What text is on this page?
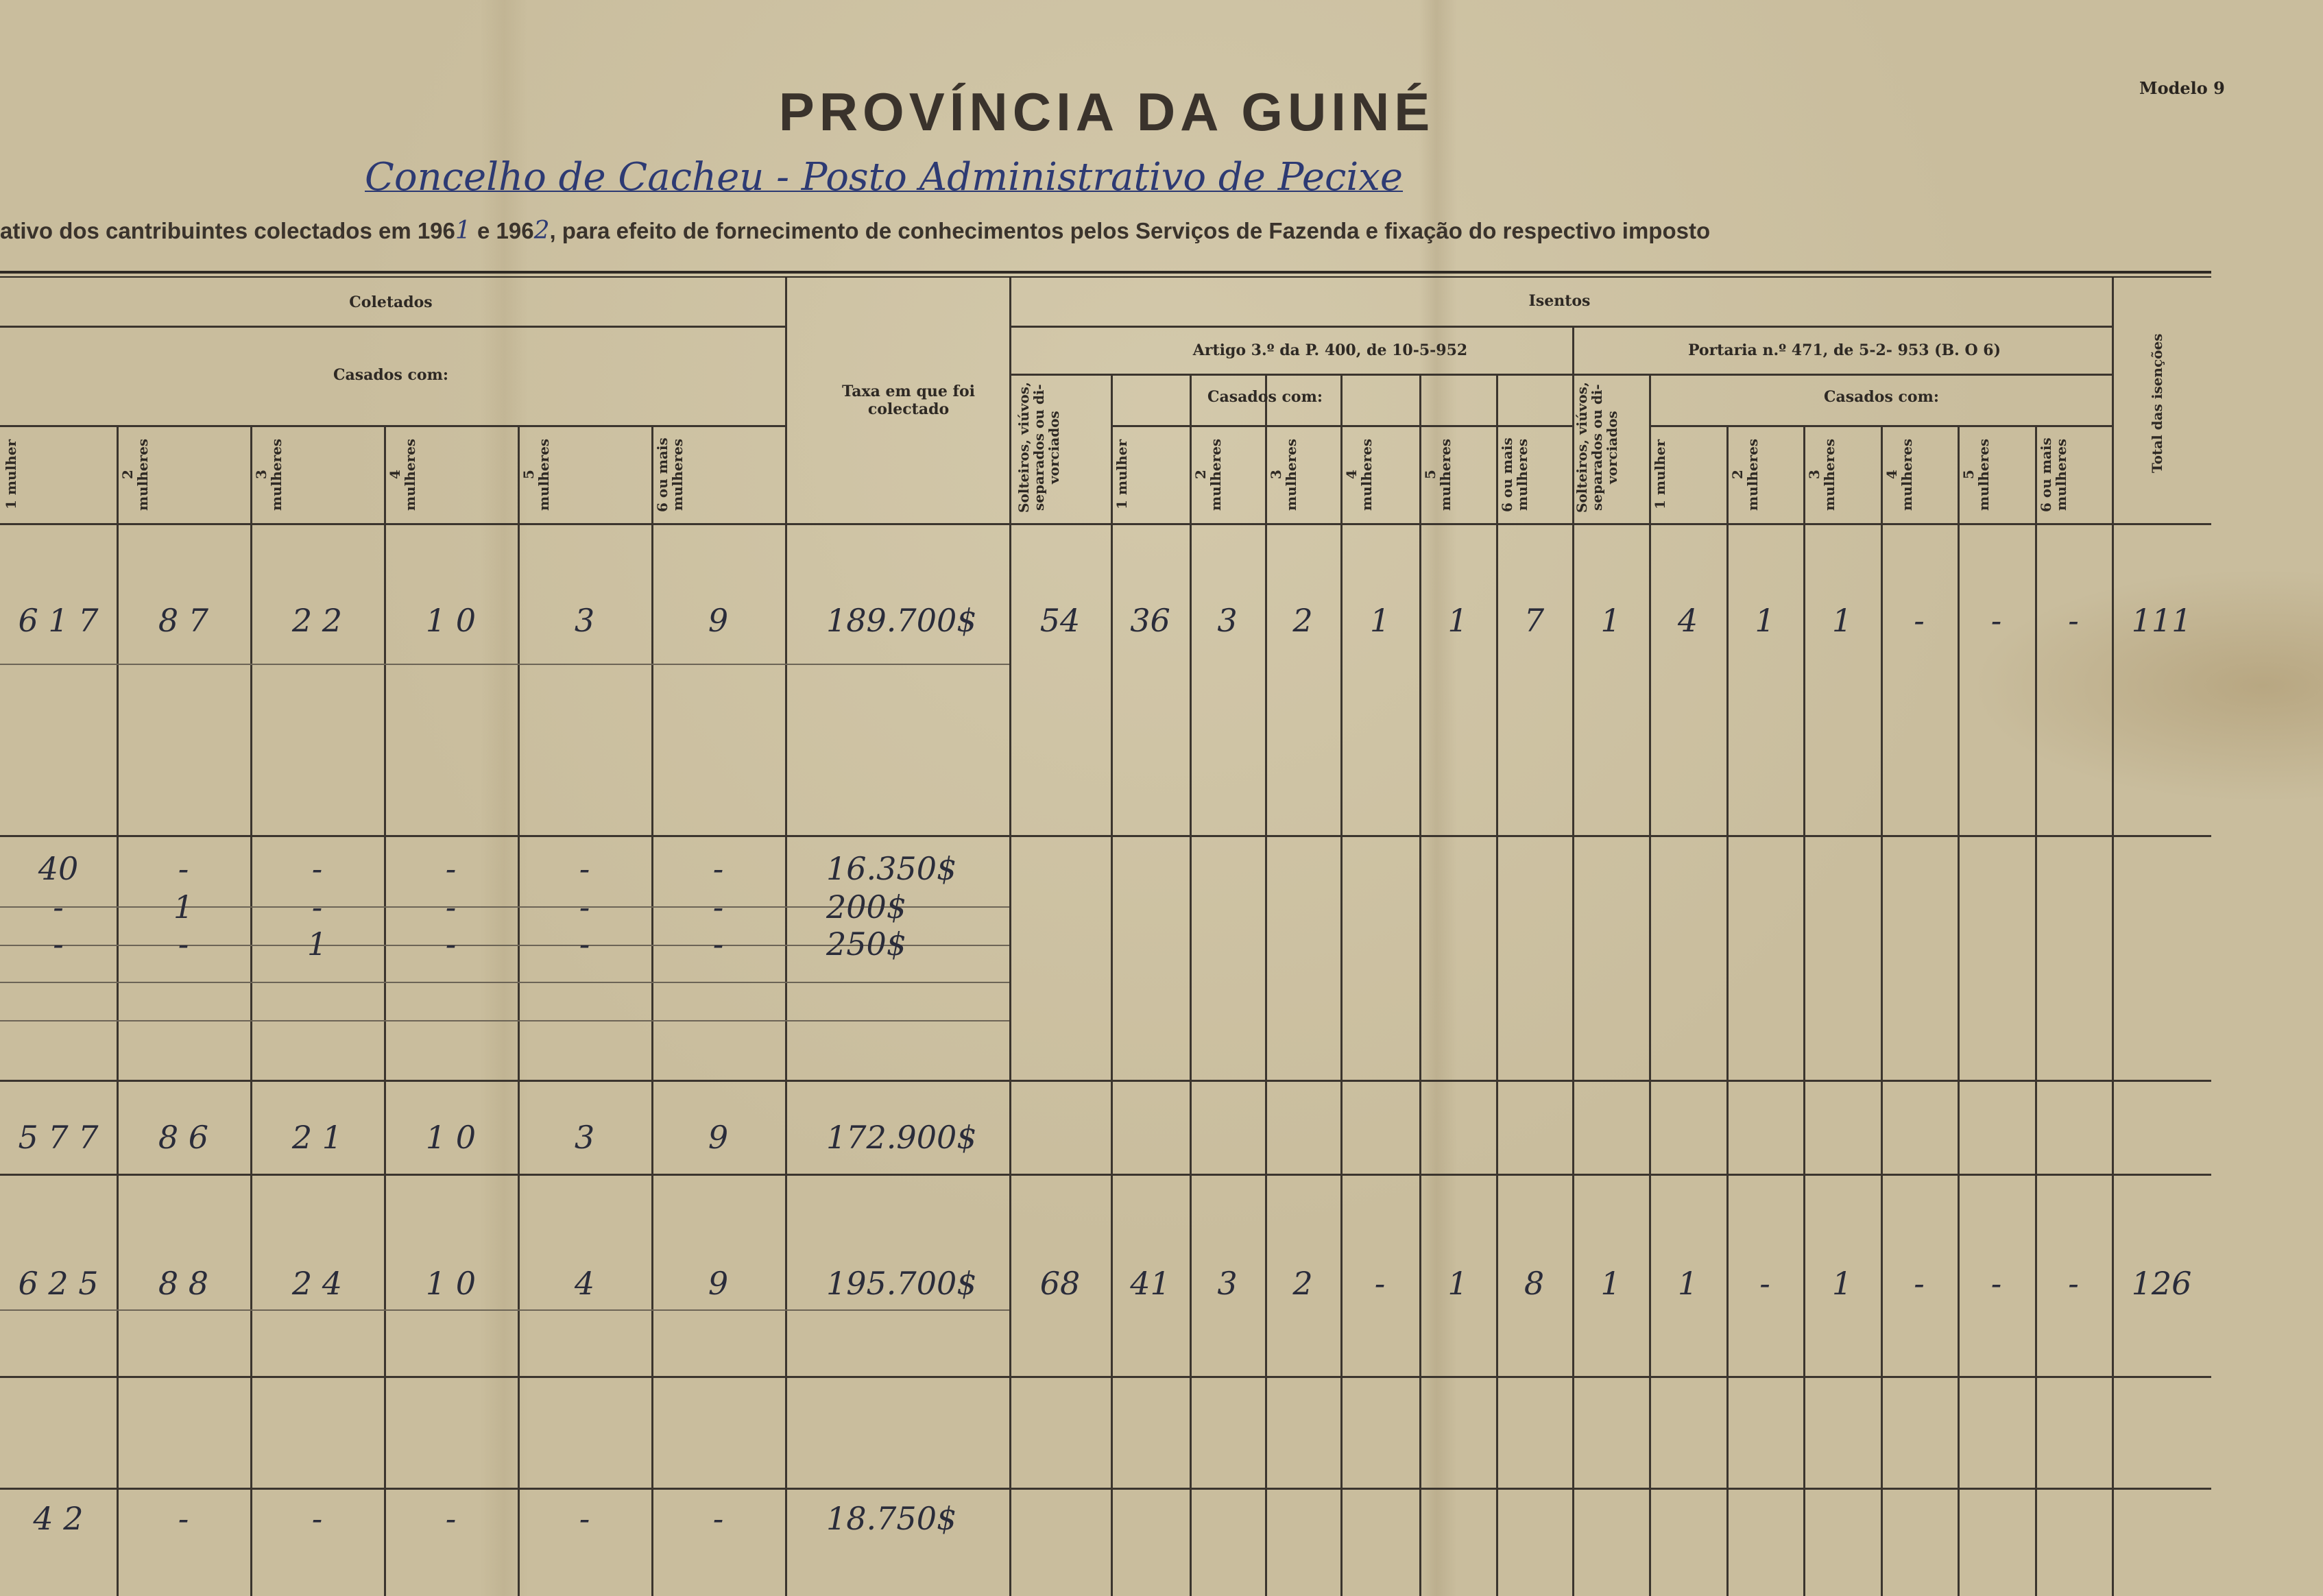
PROVÍNCIA DA GUINÉ	Modelo 9
Concelho de Cacheu - Posto Administrativo de Pecixe
ativo dos cantribuintes colectados em 1961 e 1962, para efeito de fornecimento de conhecimentos pelos Serviços de Fazenda e fixação do respectivo imposto
Coletados
Casados com:
Taxa em que foi colectado
Isentos
Artigo 3.º da P. 400, de 10-5-952	Portaria n.º 471, de 5-2- 953 (B. O 6)
Casados com:	Casados com:
Solteiros, viúvos, separados ou di- vorciados	Solteiros, viúvos, separados ou di- vorciados	Total das isenções
1 mulher	2 mulheres	3 mulheres	4 mulheres	5 mulheres	6 ou mais mulheres	1 mulher	2 mulheres	3 mulheres	4 mulheres	5 mulheres	6 ou mais mulheres	1 mulher	2 mulheres	3 mulheres	4 mulheres	5 mulheres	6 ou mais mulheres
6 1 7	8 7	2 2	1 0	3	9	189.700$	54	36	3	2	1	1	7	1	4	1	1	-	-	-	111
40	-	-	-	-	-	16.350$
-	1	-	-	-	-	200$
-	-	1	-	-	-	250$
5 7 7	8 6	2 1	1 0	3	9	172.900$
6 2 5	8 8	2 4	1 0	4	9	195.700$	68	41	3	2	-	1	8	1	1	-	1	-	-	-	126
4 2	-	-	-	-	-	18.750$
